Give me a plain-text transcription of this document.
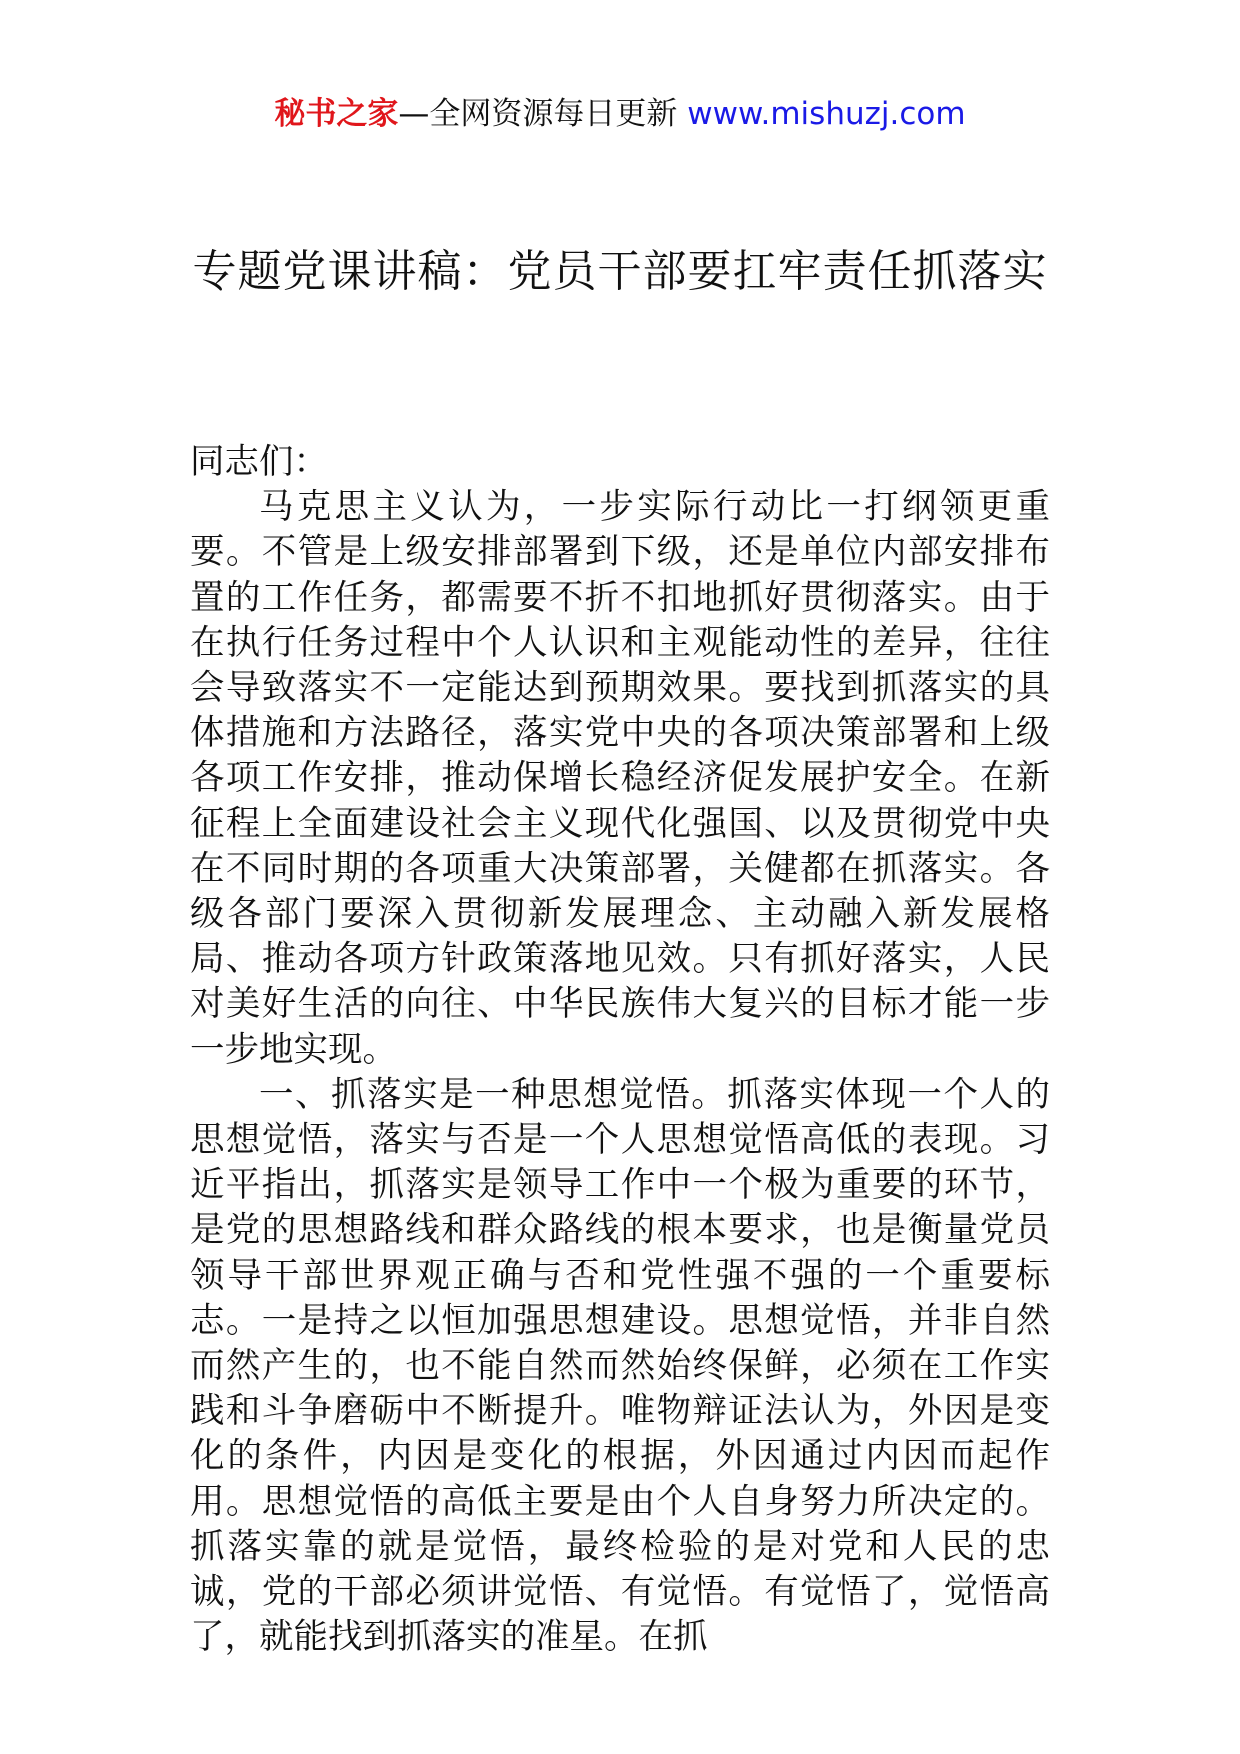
秘书之家—全网资源每日更新 www.mishuzj.com
专题党课讲稿：党员干部要扛牢责任抓落实

同志们：

马克思主义认为，一步实际行动比一打纲领更重要。不管是上级安排部署到下级，还是单位内部安排布置的工作任务，都需要不折不扣地抓好贯彻落实。由于在执行任务过程中个人认识和主观能动性的差异，往往会导致落实不一定能达到预期效果。要找到抓落实的具体措施和方法路径，落实党中央的各项决策部署和上级各项工作安排，推动保增长稳经济促发展护安全。在新征程上全面建设社会主义现代化强国、以及贯彻党中央在不同时期的各项重大决策部署，关健都在抓落实。各级各部门要深入贯彻新发展理念、主动融入新发展格局、推动各项方针政策落地见效。只有抓好落实，人民对美好生活的向往、中华民族伟大复兴的目标才能一步一步地实现。

一、抓落实是一种思想觉悟。抓落实体现一个人的思想觉悟，落实与否是一个人思想觉悟高低的表现。习近平指出，抓落实是领导工作中一个极为重要的环节，是党的思想路线和群众路线的根本要求，也是衡量党员领导干部世界观正确与否和党性强不强的一个重要标志。一是持之以恒加强思想建设。思想觉悟，并非自然而然产生的，也不能自然而然始终保鲜，必须在工作实践和斗争磨砺中不断提升。唯物辩证法认为，外因是变化的条件，内因是变化的根据，外因通过内因而起作用。思想觉悟的高低主要是由个人自身努力所决定的。抓落实靠的就是觉悟，最终检验的是对党和人民的忠诚，党的干部必须讲觉悟、有觉悟。有觉悟了，觉悟高了，就能找到抓落实的准星。在抓
